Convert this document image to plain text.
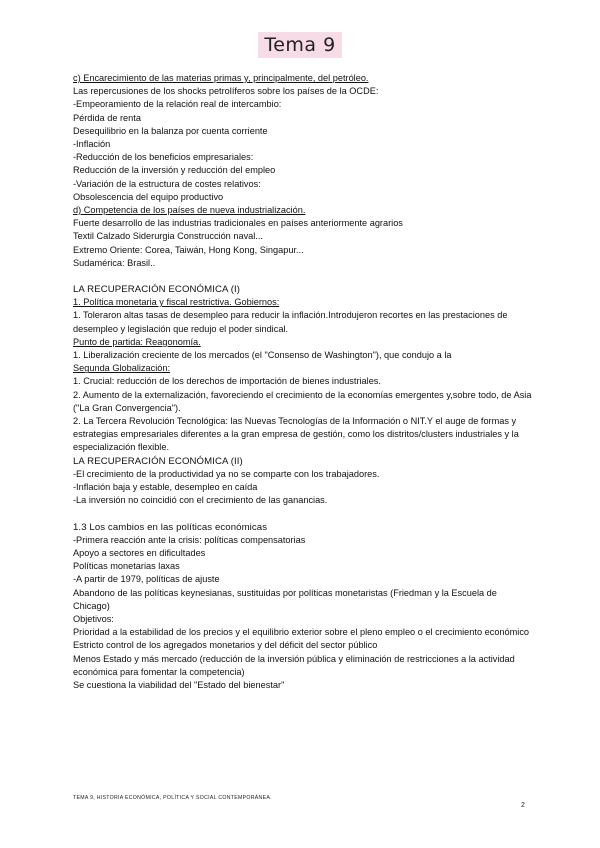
Tema 9
c) Encarecimiento de las materias primas y, principalmente, del petróleo.
Las repercusiones de los shocks petrolíferos sobre los países de la OCDE:
-Empeoramiento de la relación real de intercambio:
Pérdida de renta
Desequilibrio en la balanza por cuenta corriente
-Inflación
-Reducción de los beneficios empresariales:
Reducción de la inversión y reducción del empleo
-Variación de la estructura de costes relativos:
Obsolescencia del equipo productivo
d) Competencia de los países de nueva industrialización.
Fuerte desarrollo de las industrias tradicionales en países anteriormente agrarios
Textil Calzado Siderurgia Construcción naval...
Extremo Oriente: Corea, Taiwán, Hong Kong, Singapur...
Sudamérica: Brasil..
LA RECUPERACIÓN ECONÓMICA (I)
1. Política monetaria y fiscal restrictiva. Gobiernos:
1. Toleraron altas tasas de desempleo para reducir la inflación.Introdujeron recortes en las prestaciones de desempleo y legislación que redujo el poder sindical.
Punto de partida: Reagonomía.
1. Liberalización creciente de los mercados (el "Consenso de Washington"), que condujo a la
Segunda Globalización:
1. Crucial: reducción de los derechos de importación de bienes industriales.
2. Aumento de la externalización, favoreciendo el crecimiento de la economías emergentes y,sobre todo, de Asia ("La Gran Convergencia").
2. La Tercera Revolución Tecnológica: las Nuevas Tecnologías de la Información o NIT.Y el auge de formas y estrategias empresariales diferentes a la gran empresa de gestión, como los distritos/clusters industriales y la especialización flexible.
LA RECUPERACIÓN ECONÓMICA (II)
-El crecimiento de la productividad ya no se comparte con los trabajadores.
-Inflación baja y estable, desempleo en caída
-La inversión no coincidió con el crecimiento de las ganancias.
1.3 Los cambios en las políticas económicas
-Primera reacción ante la crisis: políticas compensatorias
Apoyo a sectores en dificultades
Políticas monetarias laxas
-A partir de 1979, políticas de ajuste
Abandono de las políticas keynesianas, sustituidas por políticas monetaristas (Friedman y la Escuela de Chicago)
Objetivos:
Prioridad a la estabilidad de los precios y el equilibrio exterior sobre el pleno empleo o el crecimiento económico
Estricto control de los agregados monetarios y del déficit del sector público
Menos Estado y más mercado (reducción de la inversión pública y eliminación de restricciones a la actividad económica para fomentar la competencia)
Se cuestiona la viabilidad del "Estado del bienestar"
TEMA 9, HISTORIA ECONÓMICA, POLÍTICA Y SOCIAL CONTEMPORÁNEA.
2
